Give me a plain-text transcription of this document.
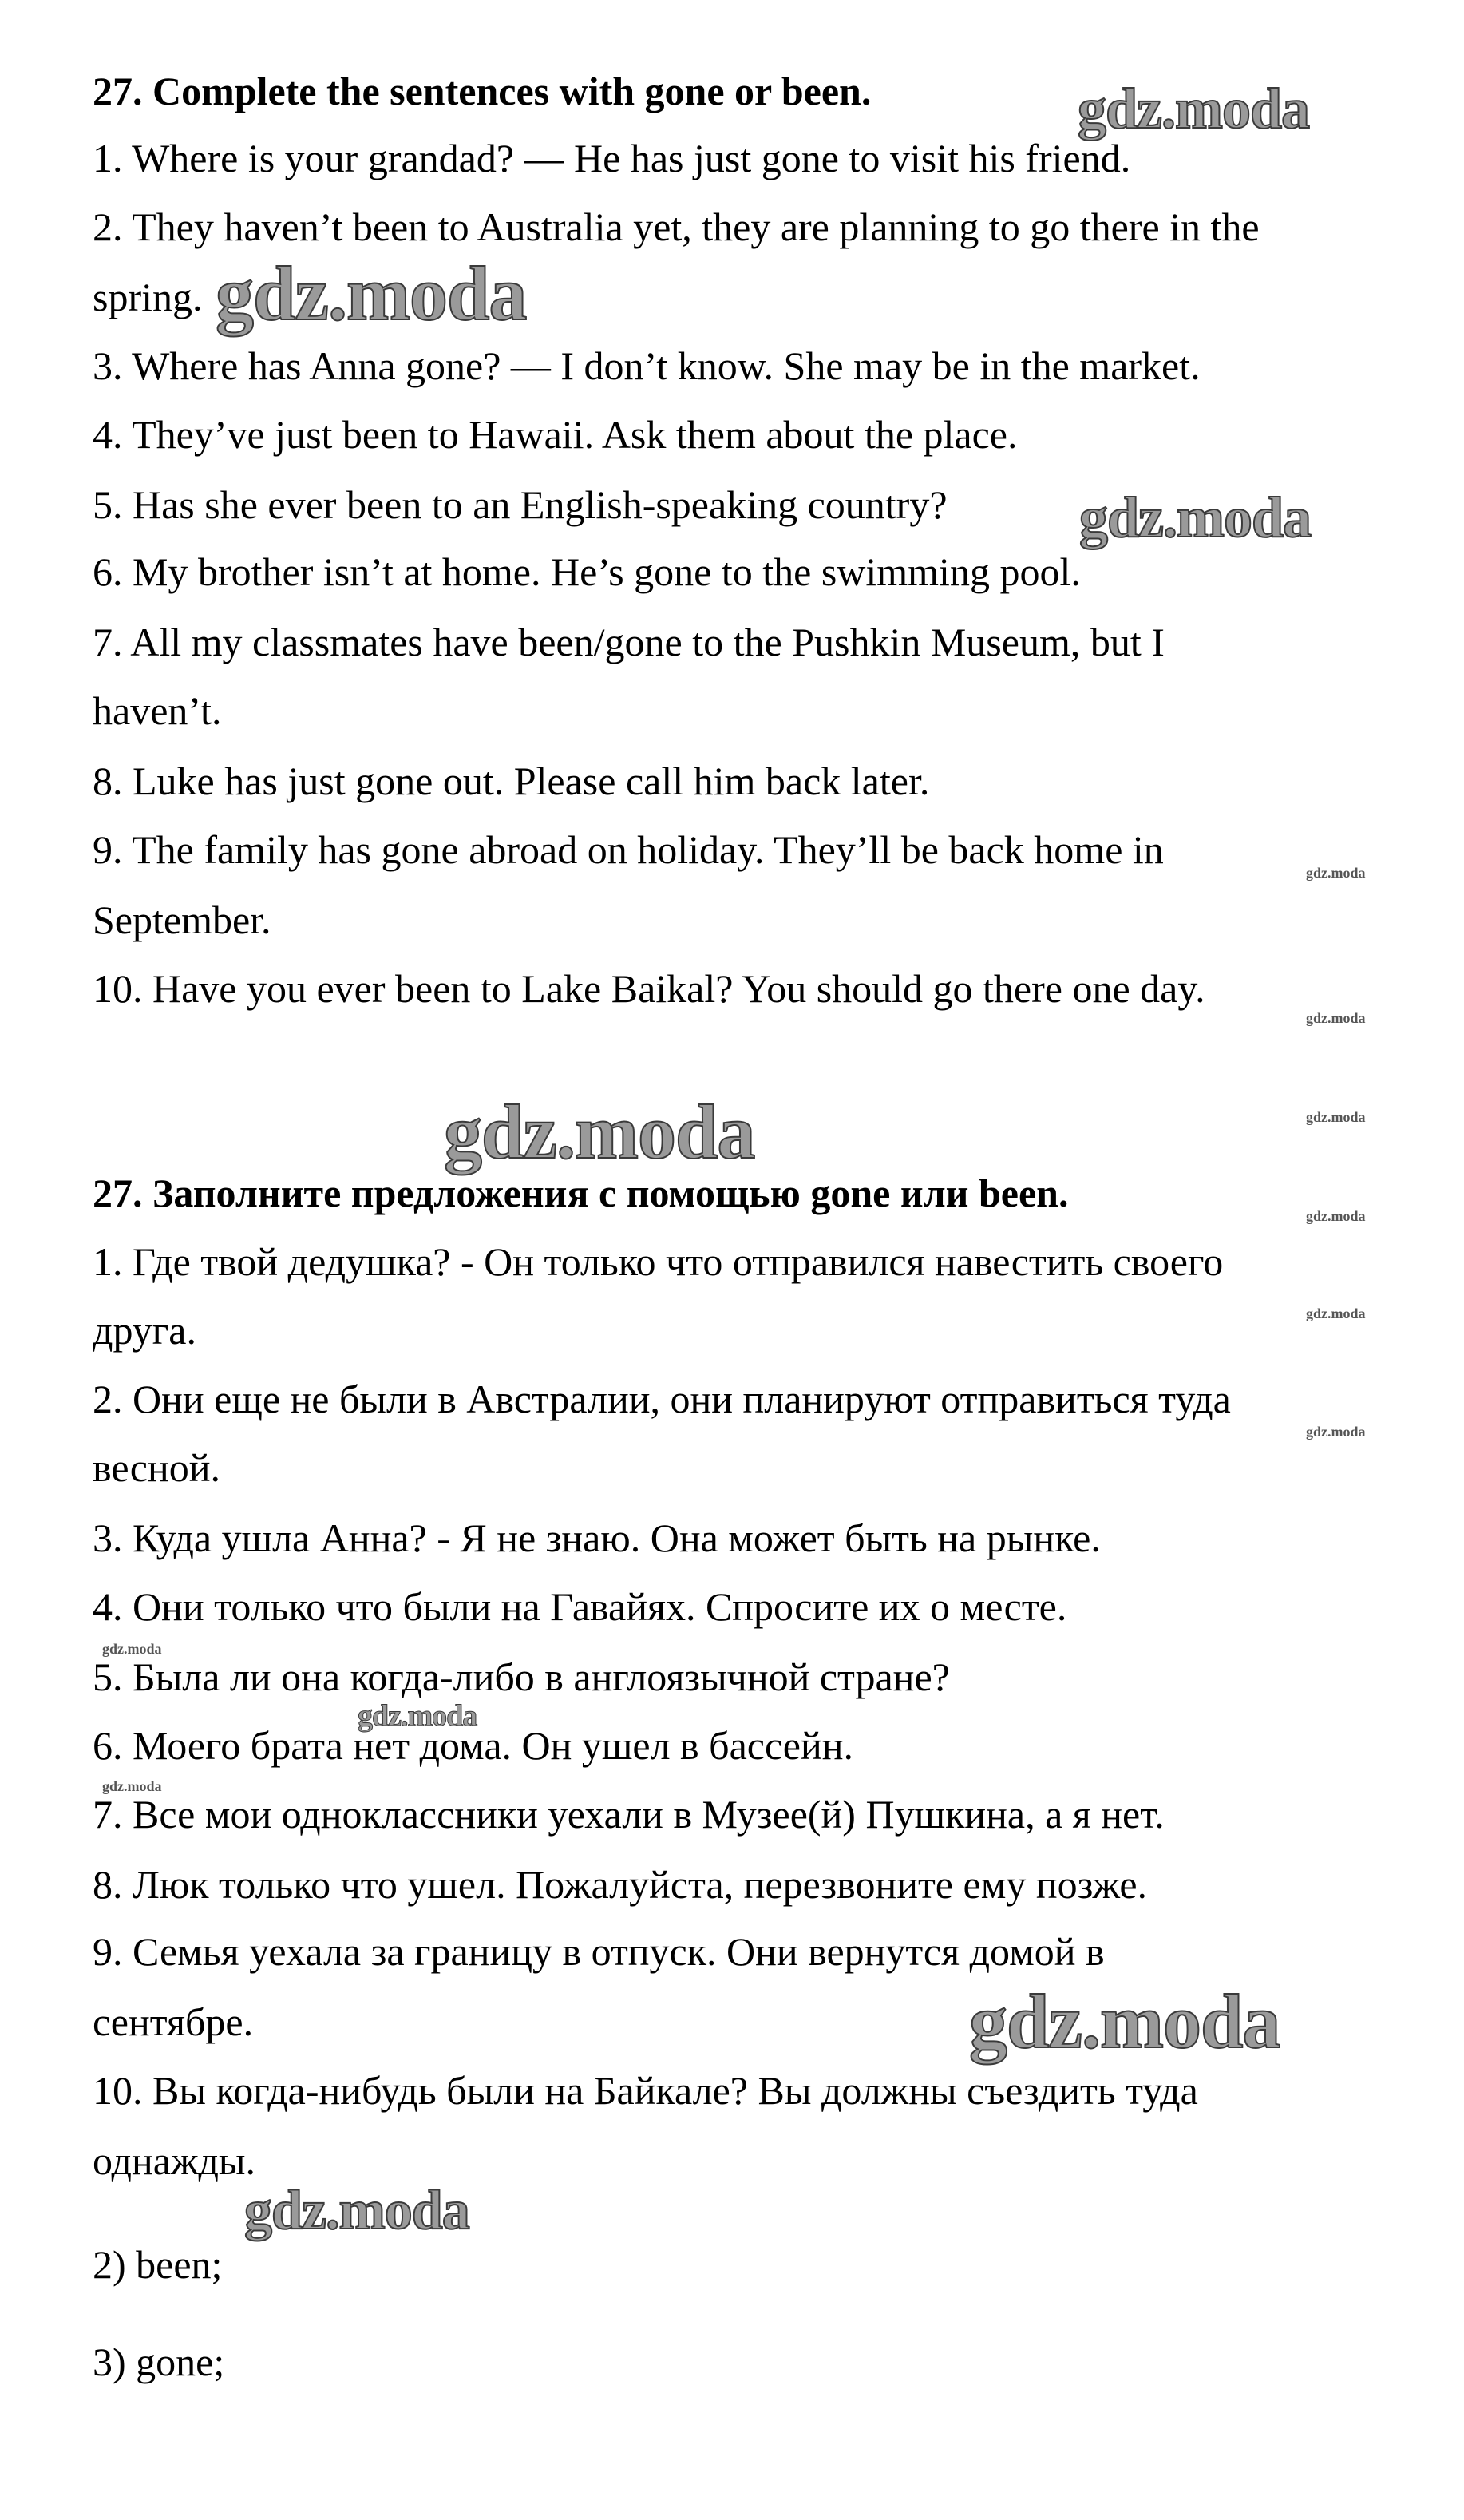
27. Complete the sentences with gone or been.
1. Where is your grandad? — He has just gone to visit his friend.
2. They haven’t been to Australia yet, they are planning to go there in the
spring.
3. Where has Anna gone? — I don’t know. She may be in the market.
4. They’ve just been to Hawaii. Ask them about the place.
5. Has she ever been to an English-speaking country?
6. My brother isn’t at home. He’s gone to the swimming pool.
7. All my classmates have been/gone to the Pushkin Museum, but I
haven’t.
8. Luke has just gone out. Please call him back later.
9. The family has gone abroad on holiday. They’ll be back home in
September.
10. Have you ever been to Lake Baikal? You should go there one day.
27. Заполните предложения с помощью gone или been.
1. Где твой дедушка? - Он только что отправился навестить своего
друга.
2. Они еще не были в Австралии, они планируют отправиться туда
весной.
3. Куда ушла Анна? - Я не знаю. Она может быть на рынке.
4. Они только что были на Гавайях. Спросите их о месте.
5. Была ли она когда-либо в англоязычной стране?
6. Моего брата нет дома. Он ушел в бассейн.
7. Все мои одноклассники уехали в Музее(й) Пушкина, а я нет.
8. Люк только что ушел. Пожалуйста, перезвоните ему позже.
9. Семья уехала за границу в отпуск. Они вернутся домой в
сентябре.
10. Вы когда-нибудь были на Байкале? Вы должны съездить туда
однажды.
2) been;
3) gone;
gdz.moda
gdz.moda
gdz.moda
gdz.moda
gdz.moda
gdz.moda
gdz.moda
gdz.moda
gdz.moda
gdz.moda
gdz.moda
gdz.moda
gdz.moda
gdz.moda
gdz.moda
